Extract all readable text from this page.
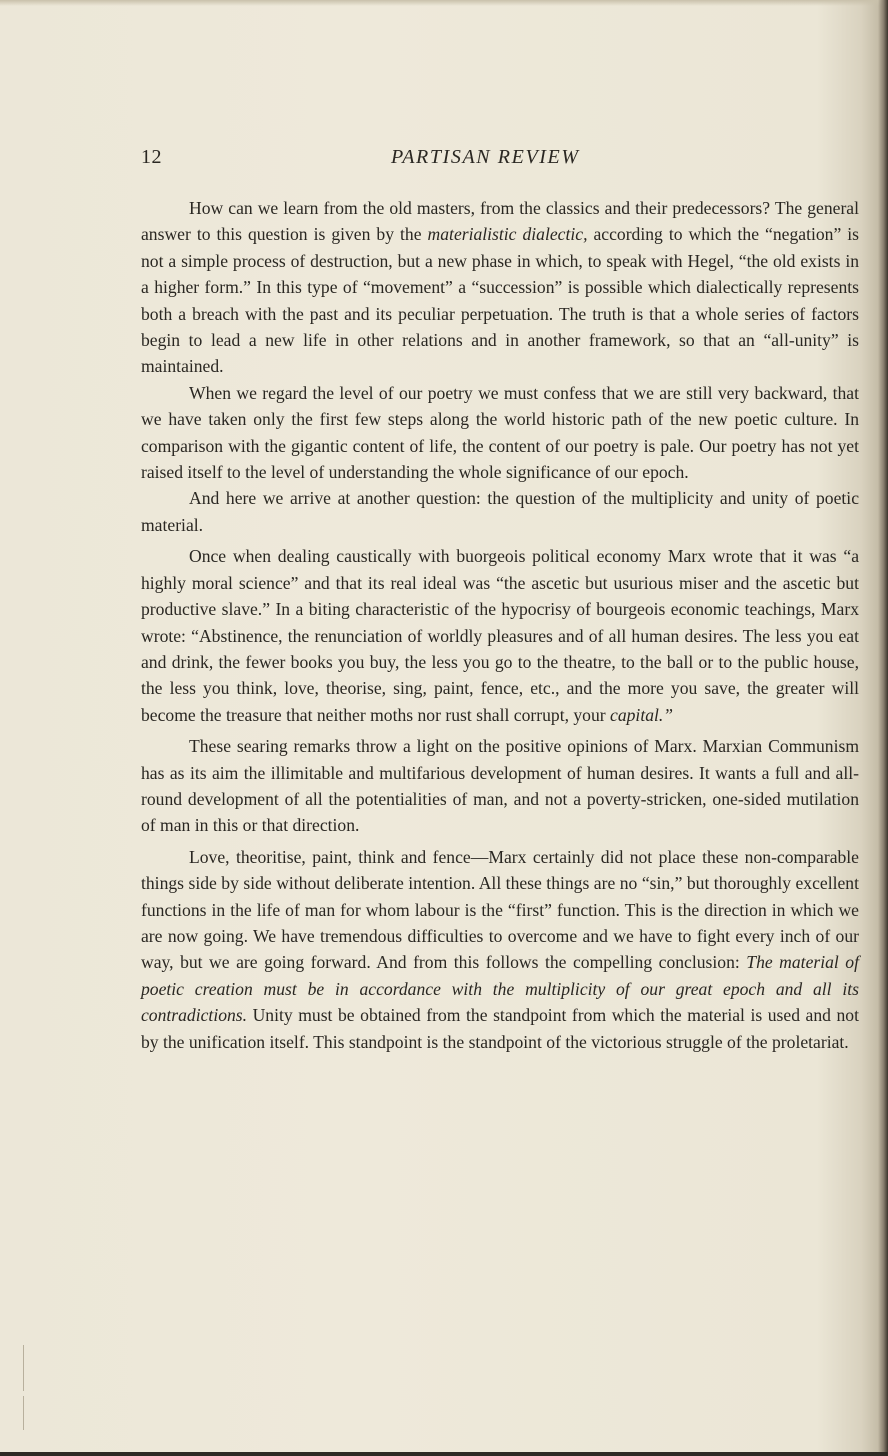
12	PARTISAN REVIEW

How can we learn from the old masters, from the classics and their predecessors? The general answer to this question is given by the materialistic dialectic, according to which the “negation” is not a simple process of destruction, but a new phase in which, to speak with Hegel, “the old exists in a higher form.” In this type of “movement” a “succession” is possible which dialectically represents both a breach with the past and its peculiar perpetuation. The truth is that a whole series of factors begin to lead a new life in other relations and in another framework, so that an “all-unity” is maintained.

When we regard the level of our poetry we must confess that we are still very backward, that we have taken only the first few steps along the world historic path of the new poetic culture. In comparison with the gigantic content of life, the content of our poetry is pale. Our poetry has not yet raised itself to the level of understanding the whole significance of our epoch.

And here we arrive at another question: the question of the multiplicity and unity of poetic material.

Once when dealing caustically with buorgeois political economy Marx wrote that it was “a highly moral science” and that its real ideal was “the ascetic but usurious miser and the ascetic but productive slave.” In a biting characteristic of the hypocrisy of bourgeois economic teachings, Marx wrote: “Abstinence, the renunciation of worldly pleasures and of all human desires. The less you eat and drink, the fewer books you buy, the less you go to the theatre, to the ball or to the public house, the less you think, love, theorise, sing, paint, fence, etc., and the more you save, the greater will become the treasure that neither moths nor rust shall corrupt, your capital.”

These searing remarks throw a light on the positive opinions of Marx. Marxian Communism has as its aim the illimitable and multifarious development of human desires. It wants a full and all-round development of all the potentialities of man, and not a poverty-stricken, one-sided mutilation of man in this or that direction.

Love, theoritise, paint, think and fence—Marx certainly did not place these non-comparable things side by side without deliberate intention. All these things are no “sin,” but thoroughly excellent functions in the life of man for whom labour is the “first” function. This is the direction in which we are now going. We have tremendous difficulties to overcome and we have to fight every inch of our way, but we are going forward. And from this follows the compelling conclusion: The material of poetic creation must be in accordance with the multiplicity of our great epoch and all its contradictions. Unity must be obtained from the standpoint from which the material is used and not by the unification itself. This standpoint is the standpoint of the victorious struggle of the proletariat.
